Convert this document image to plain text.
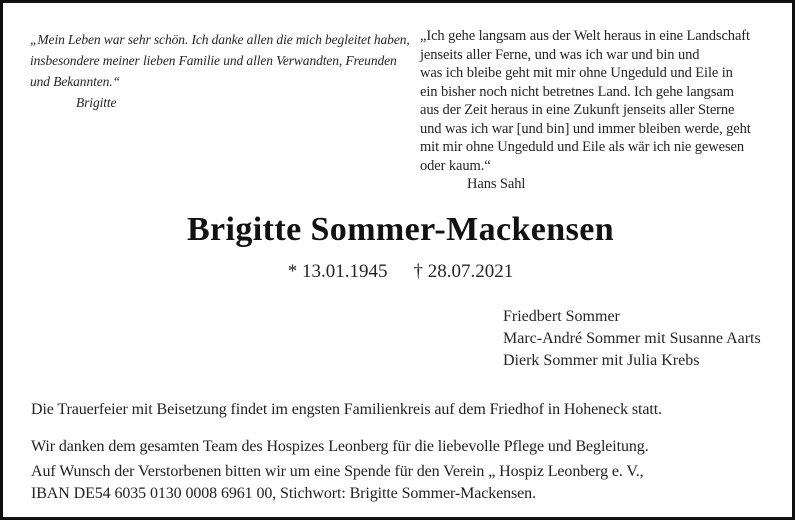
„Mein Leben war sehr schön. Ich danke allen die mich begleitet haben,
insbesondere meiner lieben Familie und allen Verwandten, Freunden
und Bekannten.“
Brigitte
„Ich gehe langsam aus der Welt heraus in eine Landschaft
jenseits aller Ferne, und was ich war und bin und
was ich bleibe geht mit mir ohne Ungeduld und Eile in
ein bisher noch nicht betretnes Land. Ich gehe langsam
aus der Zeit heraus in eine Zukunft jenseits aller Sterne
und was ich war [und bin] und immer bleiben werde, geht
mit mir ohne Ungeduld und Eile als wär ich nie gewesen
oder kaum.“
Hans Sahl
Brigitte Sommer-Mackensen
* 13.01.1945 † 28.07.2021
Friedbert Sommer
Marc-André Sommer mit Susanne Aarts
Dierk Sommer mit Julia Krebs
Die Trauerfeier mit Beisetzung findet im engsten Familienkreis auf dem Friedhof in Hoheneck statt.
Wir danken dem gesamten Team des Hospizes Leonberg für die liebevolle Pflege und Begleitung.
Auf Wunsch der Verstorbenen bitten wir um eine Spende für den Verein „ Hospiz Leonberg e. V.,
IBAN DE54 6035 0130 0008 6961 00, Stichwort: Brigitte Sommer-Mackensen.
